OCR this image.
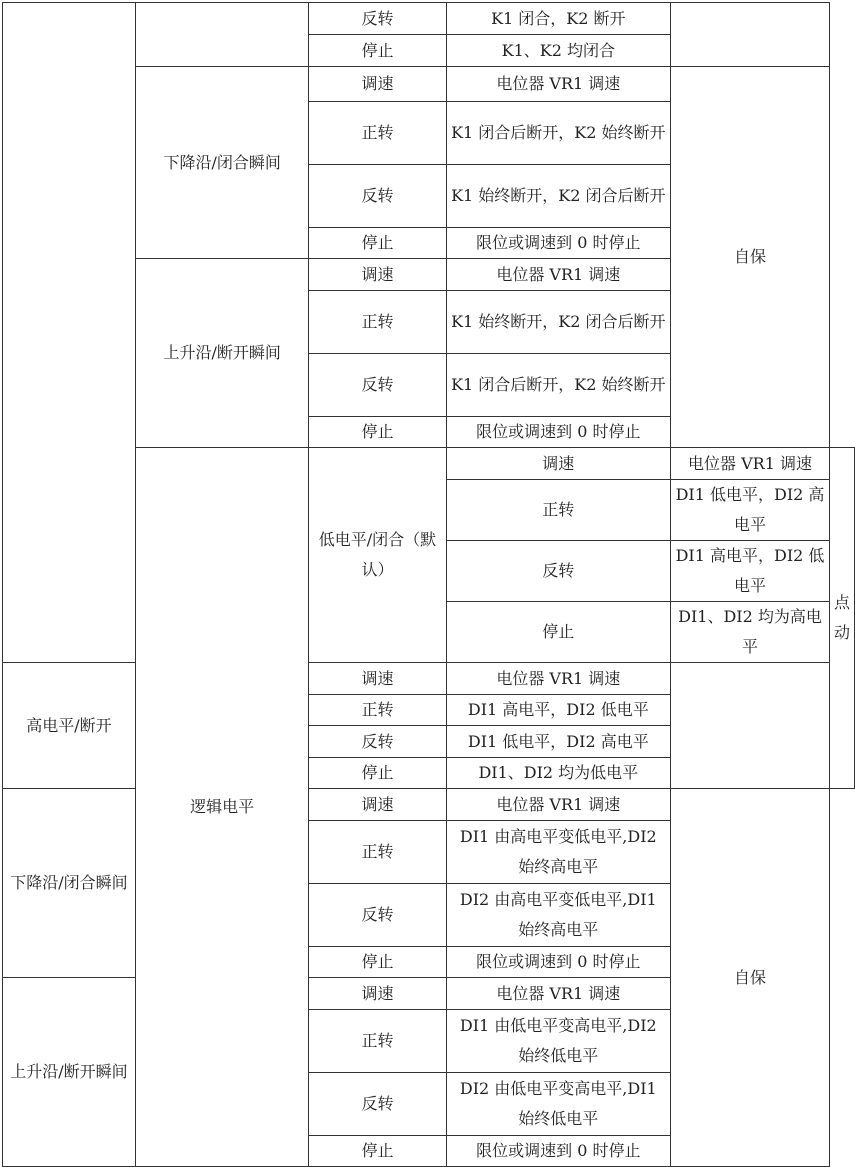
		反转	K1 闭合，K2 断开		
		停止	K1、K2 均闭合		
	下降沿/闭合瞬间	调速	电位器 VR1 调速	自保	
		正转	K1 闭合后断开，K2 始终断开		
		反转	K1 始终断开，K2 闭合后断开		
		停止	限位或调速到 0 时停止		
	上升沿/断开瞬间	调速	电位器 VR1 调速		
		正转	K1 始终断开，K2 闭合后断开		
		反转	K1 闭合后断开，K2 始终断开		
		停止	限位或调速到 0 时停止		
	逻辑电平	低电平/闭合（默认）	调速	电位器 VR1 调速	点动
			正转	DI1 低电平，DI2 高电平	
			反转	DI1 高电平，DI2 低电平	
			停止	DI1、DI2 均为高电平	
高电平/断开		调速	电位器 VR1 调速		
		正转	DI1 高电平，DI2 低电平		
		反转	DI1 低电平，DI2 高电平		
		停止	DI1、DI2 均为低电平		
下降沿/闭合瞬间		调速	电位器 VR1 调速	自保	
		正转	DI1 由高电平变低电平,DI2 始终高电平		
		反转	DI2 由高电平变低电平,DI1 始终高电平		
		停止	限位或调速到 0 时停止		
上升沿/断开瞬间		调速	电位器 VR1 调速		
		正转	DI1 由低电平变高电平,DI2 始终低电平		
		反转	DI2 由低电平变高电平,DI1 始终低电平		
		停止	限位或调速到 0 时停止		
